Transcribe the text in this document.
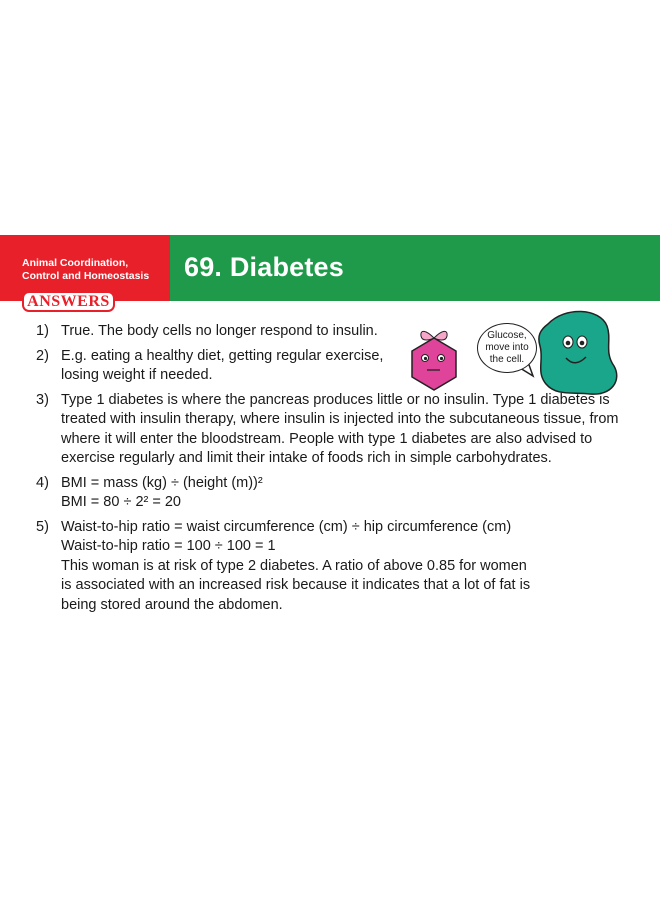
Animal Coordination,
Control and Homeostasis 69. Diabetes
ANSWERS
Glucose,
move into
the cell.
1) True. The body cells no longer respond to insulin.
2) E.g. eating a healthy diet, getting regular exercise,
losing weight if needed.
3) Type 1 diabetes is where the pancreas produces little or no insulin. Type 1 diabetes is
treated with insulin therapy, where insulin is injected into the subcutaneous tissue, from
where it will enter the bloodstream. People with type 1 diabetes are also advised to
exercise regularly and limit their intake of foods rich in simple carbohydrates.
4) BMI = mass (kg) ÷ (height (m))²
BMI = 80 ÷ 2² = 20
5) Waist-to-hip ratio = waist circumference (cm) ÷ hip circumference (cm)
Waist-to-hip ratio = 100 ÷ 100 = 1
This woman is at risk of type 2 diabetes. A ratio of above 0.85 for women
is associated with an increased risk because it indicates that a lot of fat is
being stored around the abdomen.
